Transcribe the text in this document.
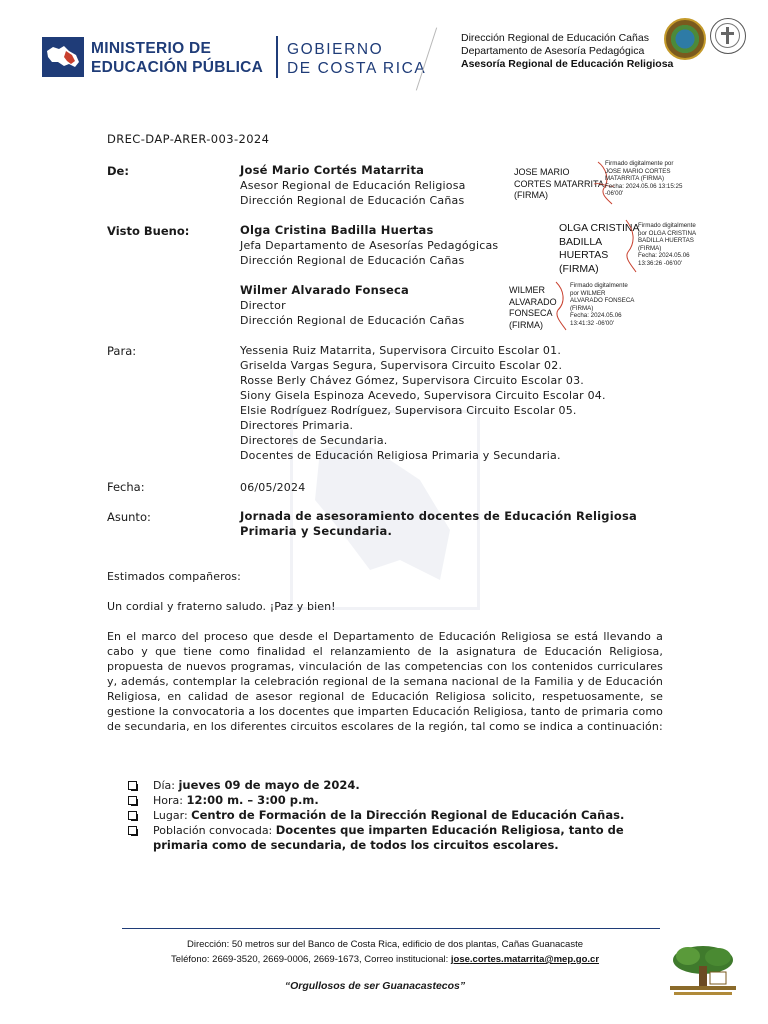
MINISTERIO DE
EDUCACIÓN PÚBLICA
GOBIERNO
DE COSTA RICA
Dirección Regional de Educación Cañas
Departamento de Asesoría Pedagógica
Asesoría Regional de Educación Religiosa
DREC-DAP-ARER-003-2024
De:	José Mario Cortés Matarrita
Asesor Regional de Educación Religiosa
Dirección Regional de Educación Cañas
JOSE MARIO
CORTES MATARRITA
(FIRMA)
Firmado digitalmente por
JOSE MARIO CORTES
MATARRITA (FIRMA)
Fecha: 2024.05.06 13:15:25
-06'00'
Visto Bueno:	Olga Cristina Badilla Huertas
Jefa Departamento de Asesorías Pedagógicas
Dirección Regional de Educación Cañas
OLGA CRISTINA
BADILLA
HUERTAS
(FIRMA)
Firmado digitalmente
por OLGA CRISTINA
BADILLA HUERTAS
(FIRMA)
Fecha: 2024.05.06
13:36:26 -06'00'
Wilmer Alvarado Fonseca
Director
Dirección Regional de Educación Cañas
WILMER
ALVARADO
FONSECA
(FIRMA)
Firmado digitalmente
por WILMER
ALVARADO FONSECA
(FIRMA)
Fecha: 2024.05.06
13:41:32 -06'00'
Para:	Yessenia Ruiz Matarrita, Supervisora Circuito Escolar 01.
Griselda Vargas Segura, Supervisora Circuito Escolar 02.
Rosse Berly Chávez Gómez, Supervisora Circuito Escolar 03.
Siony Gisela Espinoza Acevedo, Supervisora Circuito Escolar 04.
Elsie Rodríguez Rodríguez, Supervisora Circuito Escolar 05.
Directores Primaria.
Directores de Secundaria.
Docentes de Educación Religiosa Primaria y Secundaria.
Fecha:	06/05/2024
Asunto:	Jornada de asesoramiento docentes de Educación Religiosa
Primaria y Secundaria.
Estimados compañeros:
Un cordial y fraterno saludo. ¡Paz y bien!
En el marco del proceso que desde el Departamento de Educación Religiosa se está llevando a cabo y que tiene como finalidad el relanzamiento de la asignatura de Educación Religiosa, propuesta de nuevos programas, vinculación de las competencias con los contenidos curriculares y, además, contemplar la celebración regional de la semana nacional de la Familia y de Educación Religiosa, en calidad de asesor regional de Educación Religiosa solicito, respetuosamente, se gestione la convocatoria a los docentes que imparten Educación Religiosa, tanto de primaria como de secundaria, en los diferentes circuitos escolares de la región, tal como se indica a continuación:
Día: jueves 09 de mayo de 2024.
Hora: 12:00 m. – 3:00 p.m.
Lugar: Centro de Formación de la Dirección Regional de Educación Cañas.
Población convocada: Docentes que imparten Educación Religiosa, tanto de primaria como de secundaria, de todos los circuitos escolares.
Dirección: 50 metros sur del Banco de Costa Rica, edificio de dos plantas, Cañas Guanacaste
Teléfono: 2669-3520, 2669-0006, 2669-1673, Correo institucional: jose.cortes.matarrita@mep.go.cr
“Orgullosos de ser Guanacastecos”
